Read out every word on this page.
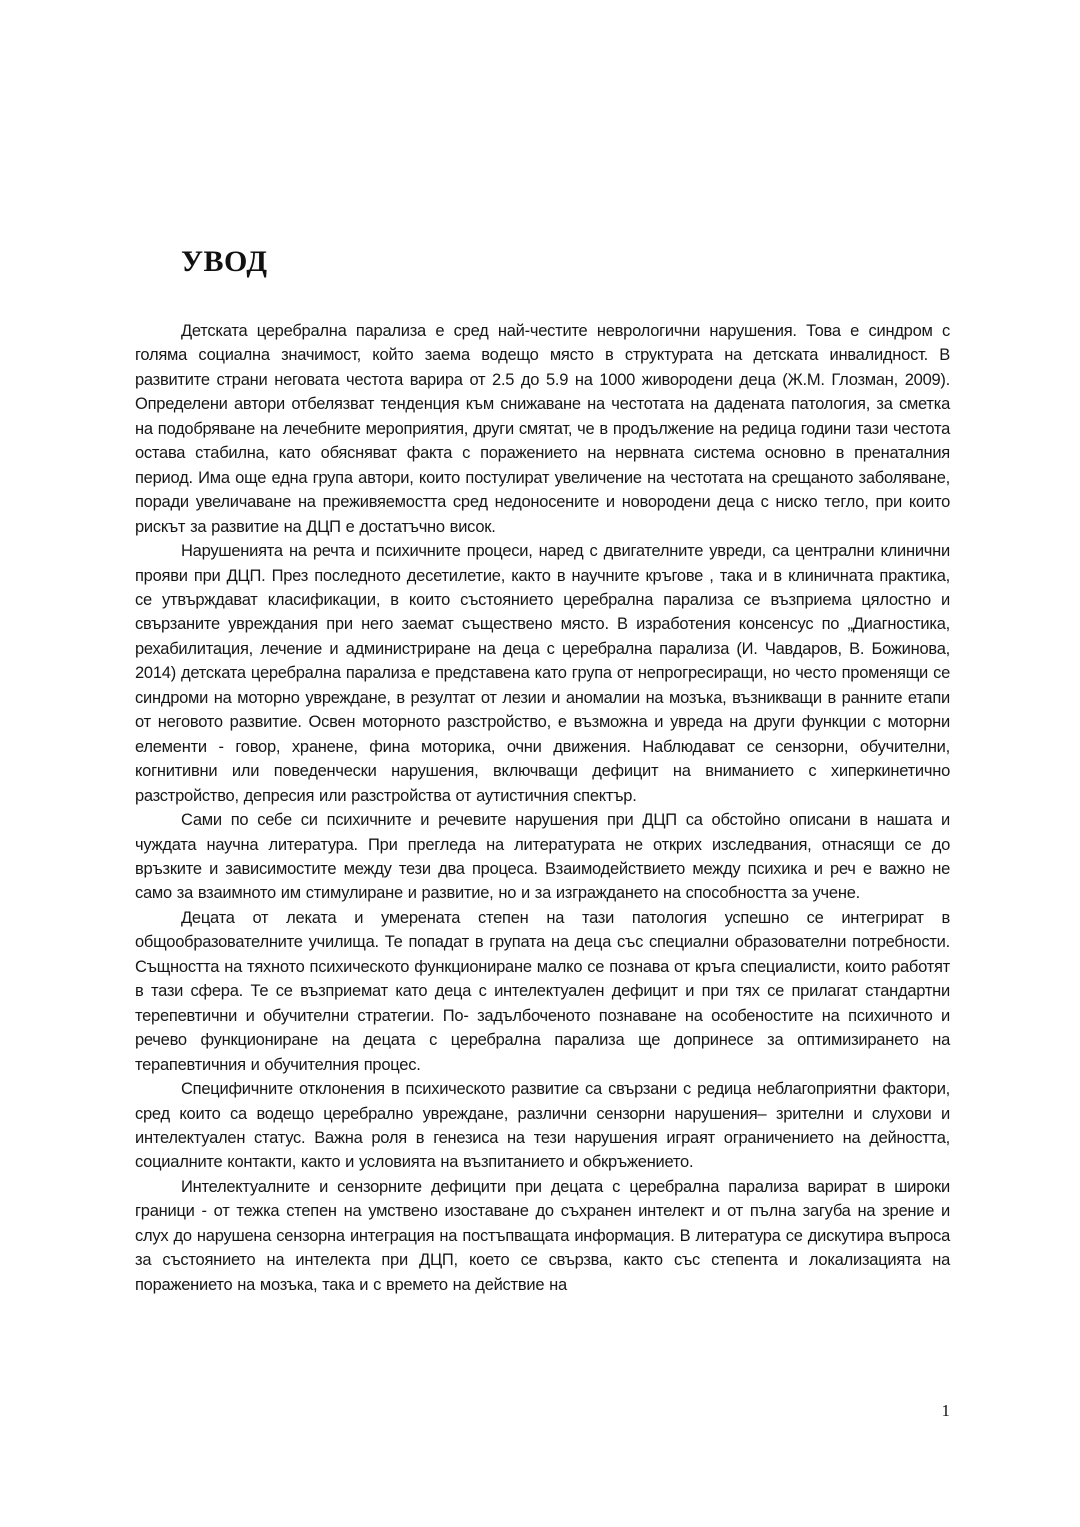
УВОД

Детската церебрална парализа е сред най-честите неврологични нарушения. Това е синдром с голяма социална значимост, който заема водещо място в структурата на детската инвалидност. В развитите страни неговата честота варира от 2.5 до 5.9 на 1000 живородени деца (Ж.М. Глозман, 2009). Определени автори отбелязват тенденция към снижаване на честотата на дадената патология, за сметка на подобряване на лечебните мероприятия, други смятат, че в продължение на редица години тази честота остава стабилна, като обясняват факта с поражението на нервната система основно в пренаталния период. Има още една група автори, които постулират увеличение на честотата на срещаното заболяване, поради увеличаване на преживяемостта сред недоносените и новородени деца с ниско тегло, при които рискът за развитие на ДЦП е достатъчно висок.

Нарушенията на речта и психичните процеси, наред с двигателните увреди, са централни клинични прояви при ДЦП. През последното десетилетие, както в научните кръгове , така и в клиничната практика, се утвърждават класификации, в които състоянието церебрална парализа се възприема цялостно и свързаните увреждания при него заемат съществено място. В изработения консенсус по „Диагностика, рехабилитация, лечение и администриране на деца с церебрална парализа (И. Чавдаров, В. Божинова, 2014) детската церебрална парализа е представена като група от непрогресиращи, но често променящи се синдроми на моторно увреждане, в резултат от лезии и аномалии на мозъка, възникващи в ранните етапи от неговото развитие. Освен моторното разстройство, е възможна и увреда на други функции с моторни елементи - говор, хранене, фина моторика, очни движения. Наблюдават се сензорни, обучителни, когнитивни или поведенчески нарушения, включващи дефицит на вниманието с хиперкинетично разстройство, депресия или разстройства от аутистичния спектър.

Сами по себе си психичните и речевите нарушения при ДЦП са обстойно описани в нашата и чуждата научна литература. При прегледа на литературата не открих изследвания, отнасящи се до връзките и зависимостите между тези два процеса. Взаимодействието между психика и реч е важно не само за взаимното им стимулиране и развитие, но и за изграждането на способността за учене.

Децата от леката и умерената степен на тази патология успешно се интегрират в общообразователните училища. Те попадат в групата на деца със специални образователни потребности. Същността на тяхното психическото функциониране малко се познава от кръга специалисти, които работят в тази сфера. Те се възприемат като деца с интелектуален дефицит и при тях се прилагат стандартни терепевтични и обучителни стратегии. По- задълбоченото познаване на особеностите на психичното и речево функциониране на децата с церебрална парализа ще допринесе за оптимизирането на терапевтичния и обучителния процес.

Специфичните отклонения в психическото развитие са свързани с редица неблагоприятни фактори, сред които са водещо церебрално увреждане, различни сензорни нарушения– зрителни и слухови и интелектуален статус. Важна роля в генезиса на тези нарушения играят ограничението на дейността, социалните контакти, както и условията на възпитанието и обкръжението.

Интелектуалните и сензорните дефицити при децата с церебрална парализа варират в широки граници - от тежка степен на умствено изоставане до съхранен интелект и от пълна загуба на зрение и слух до нарушена сензорна интеграция на постъпващата информация. В литература се дискутира въпроса за състоянието на интелекта при ДЦП, което се свързва, както със степента и локализацията на поражението на мозъка, така и с времето на действие на

1
